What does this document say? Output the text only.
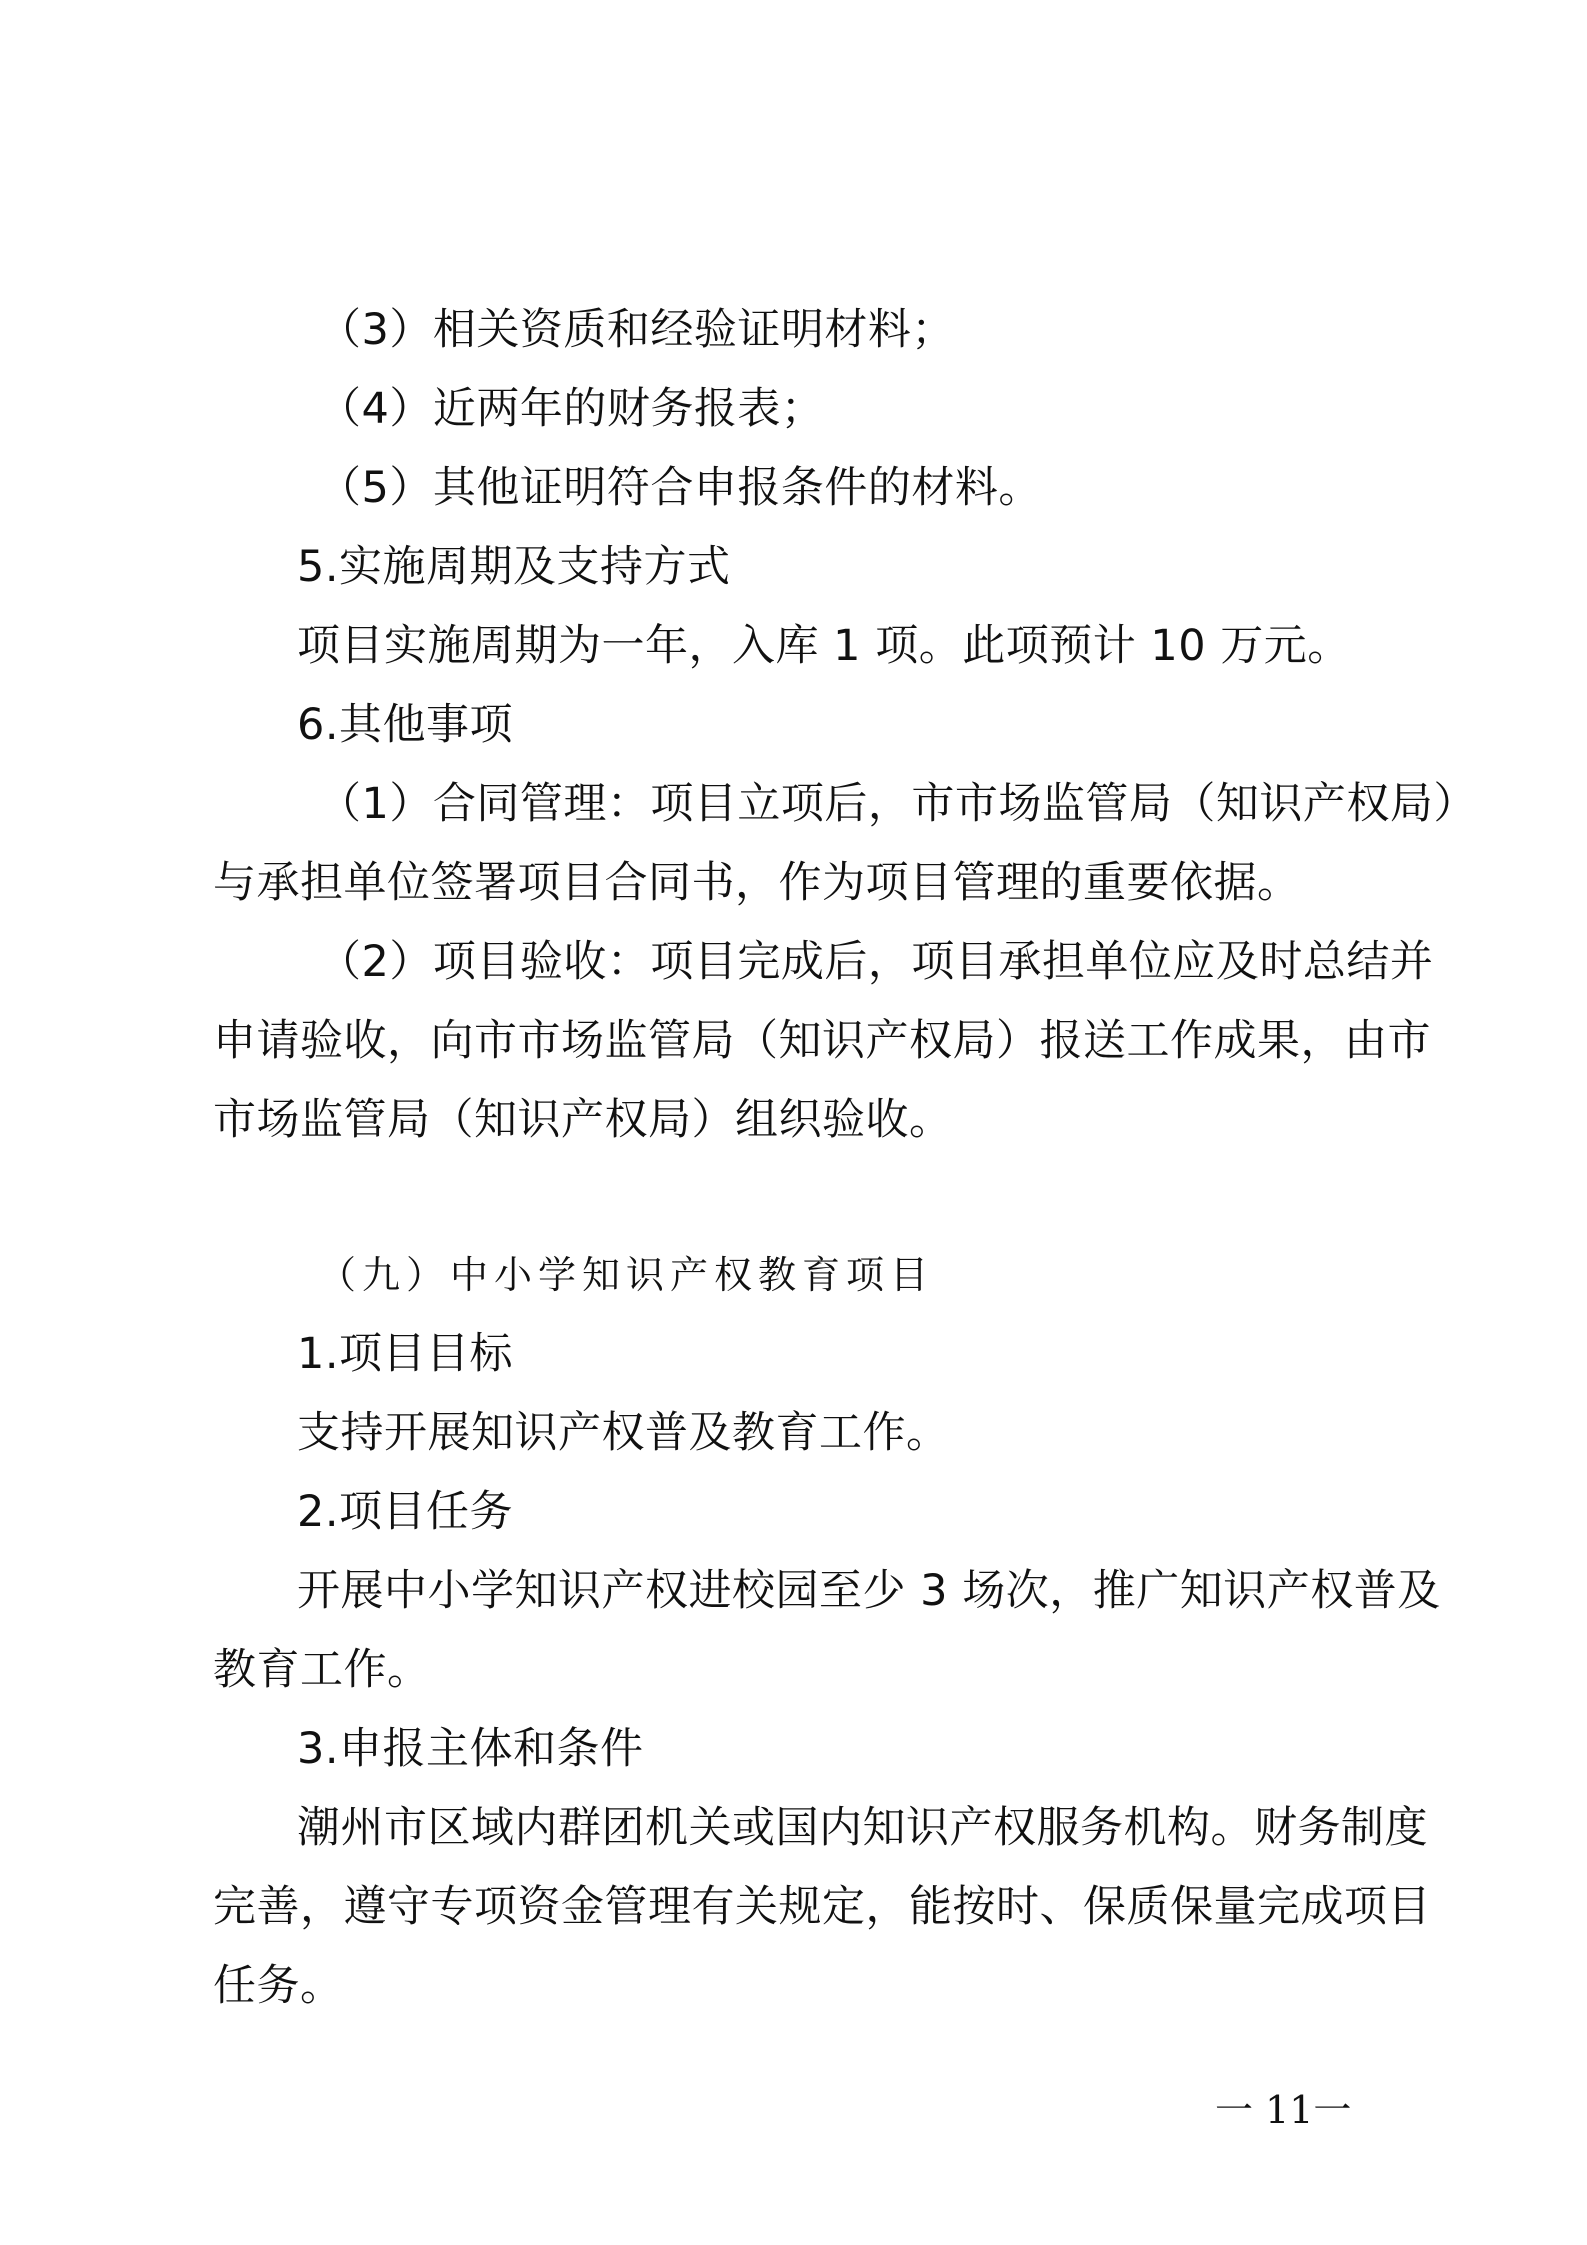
（3）相关资质和经验证明材料；
（4）近两年的财务报表；
（5）其他证明符合申报条件的材料。
5.实施周期及支持方式
项目实施周期为一年，入库 1 项。此项预计 10 万元。
6.其他事项
（1）合同管理：项目立项后，市市场监管局（知识产权局）
与承担单位签署项目合同书，作为项目管理的重要依据。
（2）项目验收：项目完成后，项目承担单位应及时总结并
申请验收，向市市场监管局（知识产权局）报送工作成果，由市
市场监管局（知识产权局）组织验收。
（九）中小学知识产权教育项目
1.项目目标
支持开展知识产权普及教育工作。
2.项目任务
开展中小学知识产权进校园至少 3 场次，推广知识产权普及
教育工作。
3.申报主体和条件
潮州市区域内群团机关或国内知识产权服务机构。财务制度
完善，遵守专项资金管理有关规定，能按时、保质保量完成项目
任务。
一 11一
